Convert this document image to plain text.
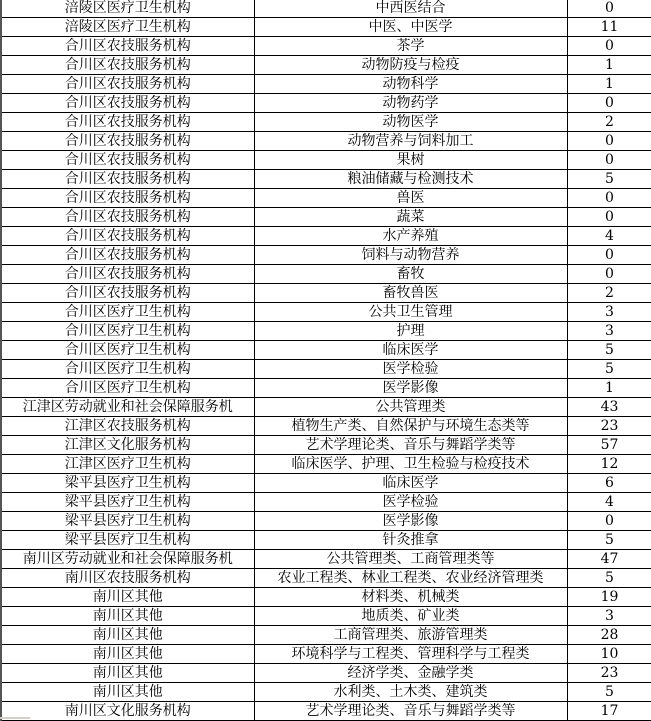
涪陵区医疗卫生机构	中西医结合	0
涪陵区医疗卫生机构	中医、中医学	11
合川区农技服务机构	茶学	0
合川区农技服务机构	动物防疫与检疫	1
合川区农技服务机构	动物科学	1
合川区农技服务机构	动物药学	0
合川区农技服务机构	动物医学	2
合川区农技服务机构	动物营养与饲料加工	0
合川区农技服务机构	果树	0
合川区农技服务机构	粮油储藏与检测技术	5
合川区农技服务机构	兽医	0
合川区农技服务机构	蔬菜	0
合川区农技服务机构	水产养殖	4
合川区农技服务机构	饲料与动物营养	0
合川区农技服务机构	畜牧	0
合川区农技服务机构	畜牧兽医	2
合川区医疗卫生机构	公共卫生管理	3
合川区医疗卫生机构	护理	3
合川区医疗卫生机构	临床医学	5
合川区医疗卫生机构	医学检验	5
合川区医疗卫生机构	医学影像	1
江津区劳动就业和社会保障服务机	公共管理类	43
江津区农技服务机构	植物生产类、自然保护与环境生态类等	23
江津区文化服务机构	艺术学理论类、音乐与舞蹈学类等	57
江津区医疗卫生机构	临床医学、护理、卫生检验与检疫技术	12
梁平县医疗卫生机构	临床医学	6
梁平县医疗卫生机构	医学检验	4
梁平县医疗卫生机构	医学影像	0
梁平县医疗卫生机构	针灸推拿	5
南川区劳动就业和社会保障服务机	公共管理类、工商管理类等	47
南川区农技服务机构	农业工程类、林业工程类、农业经济管理类	5
南川区其他	材料类、机械类	19
南川区其他	地质类、矿业类	3
南川区其他	工商管理类、旅游管理类	28
南川区其他	环境科学与工程类、管理科学与工程类	10
南川区其他	经济学类、金融学类	23
南川区其他	水利类、土木类、建筑类	5
南川区文化服务机构	艺术学理论类、音乐与舞蹈学类等	17
